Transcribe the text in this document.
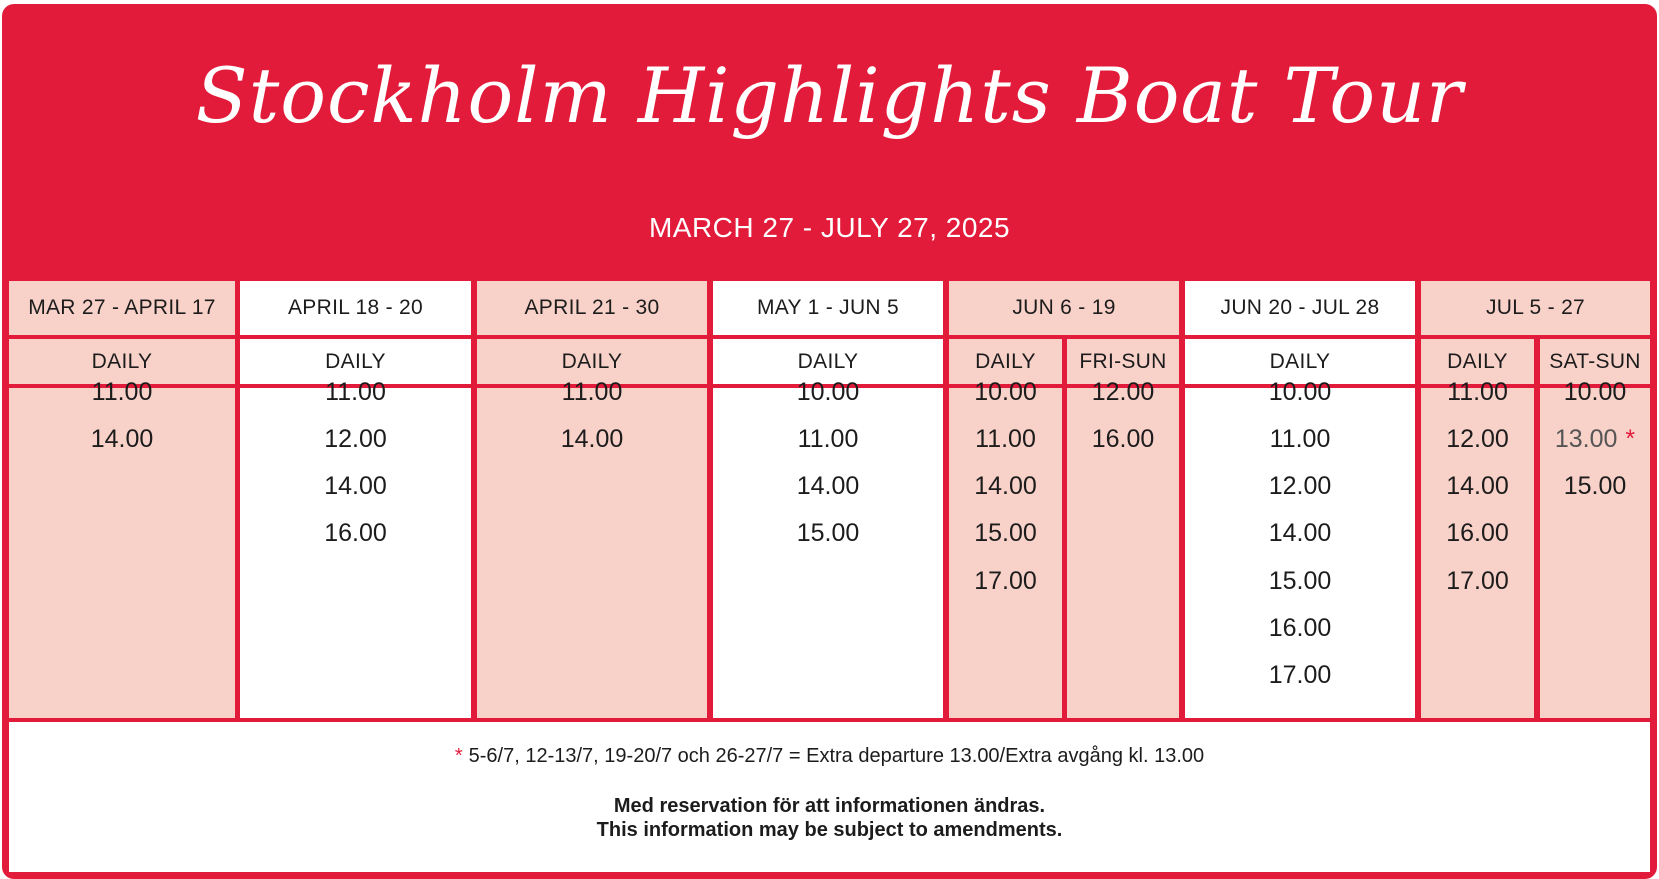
Stockholm Highlights Boat Tour
MARCH 27 - JULY 27, 2025
MAR 27 - APRIL 17
DAILY
11.00
14.00
APRIL 18 - 20
DAILY
11.00
12.00
14.00
16.00
APRIL 21 - 30
DAILY
11.00
14.00
MAY 1 - JUN 5
DAILY
10.00
11.00
14.00
15.00
JUN 6 - 19
DAILY
10.00
11.00
14.00
15.00
17.00
FRI-SUN
12.00
16.00
JUN 20 - JUL 28
DAILY
10.00
11.00
12.00
14.00
15.00
16.00
17.00
JUL 5 - 27
DAILY
11.00
12.00
14.00
16.00
17.00
SAT-SUN
10.00
13.00 *
15.00
* 5-6/7, 12-13/7, 19-20/7 och 26-27/7 = Extra departure 13.00/Extra avgång kl. 13.00
Med reservation för att informationen ändras.
This information may be subject to amendments.
